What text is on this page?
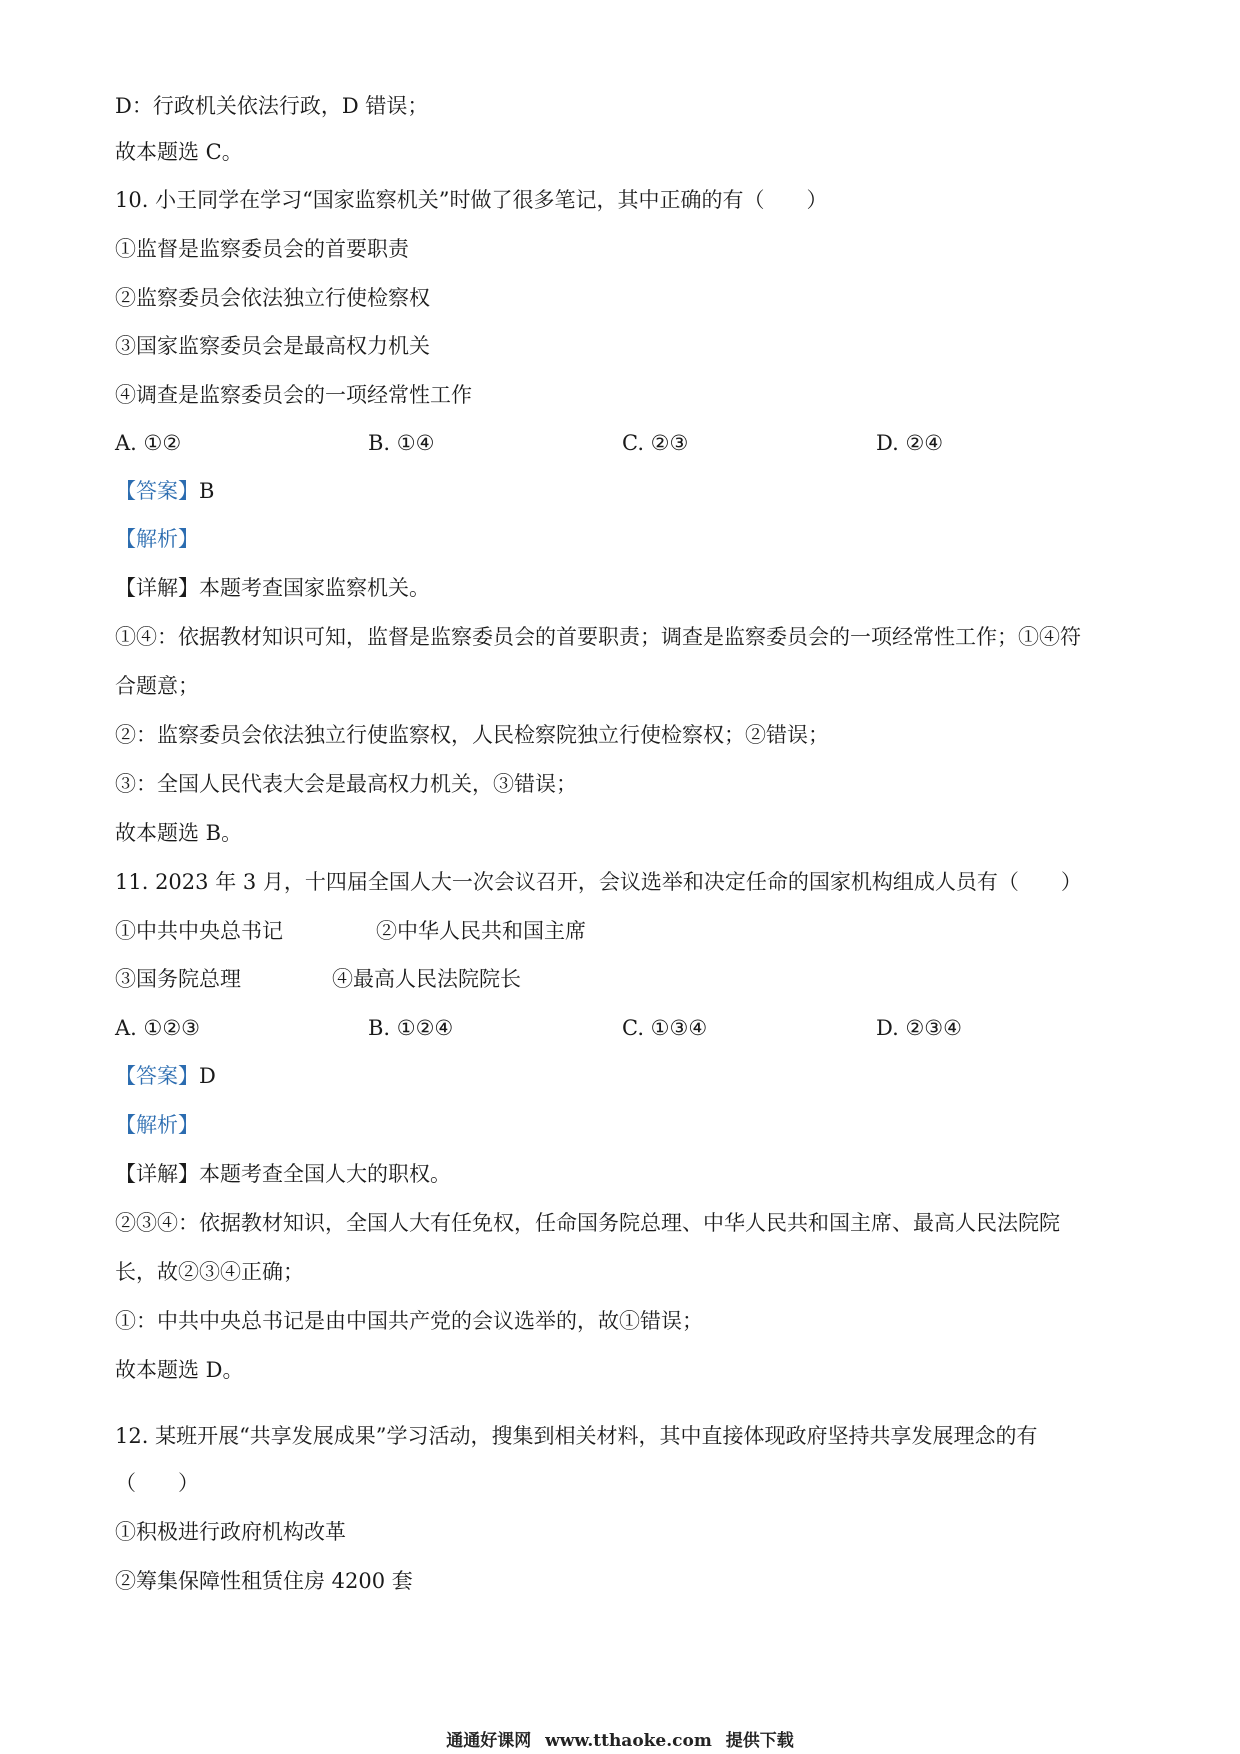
D：行政机关依法行政，D 错误；
故本题选 C。
10. 小王同学在学习“国家监察机关”时做了很多笔记，其中正确的有（　　）
①监督是监察委员会的首要职责
②监察委员会依法独立行使检察权
③国家监察委员会是最高权力机关
④调查是监察委员会的一项经常性工作
A. ①②	B. ①④	C. ②③	D. ②④
【答案】B
【解析】
【详解】本题考查国家监察机关。
①④：依据教材知识可知，监督是监察委员会的首要职责；调查是监察委员会的一项经常性工作；①④符
合题意；
②：监察委员会依法独立行使监察权，人民检察院独立行使检察权；②错误；
③：全国人民代表大会是最高权力机关，③错误；
故本题选 B。
11. 2023 年 3 月，十四届全国人大一次会议召开，会议选举和决定任命的国家机构组成人员有（　　）
①中共中央总书记	②中华人民共和国主席
③国务院总理	④最高人民法院院长
A. ①②③	B. ①②④	C. ①③④	D. ②③④
【答案】D
【解析】
【详解】本题考查全国人大的职权。
②③④：依据教材知识，全国人大有任免权，任命国务院总理、中华人民共和国主席、最高人民法院院
长，故②③④正确；
①：中共中央总书记是由中国共产党的会议选举的，故①错误；
故本题选 D。
12. 某班开展“共享发展成果”学习活动，搜集到相关材料，其中直接体现政府坚持共享发展理念的有
（　　）
①积极进行政府机构改革
②筹集保障性租赁住房 4200 套
通通好课网 www.tthaoke.com 提供下载
